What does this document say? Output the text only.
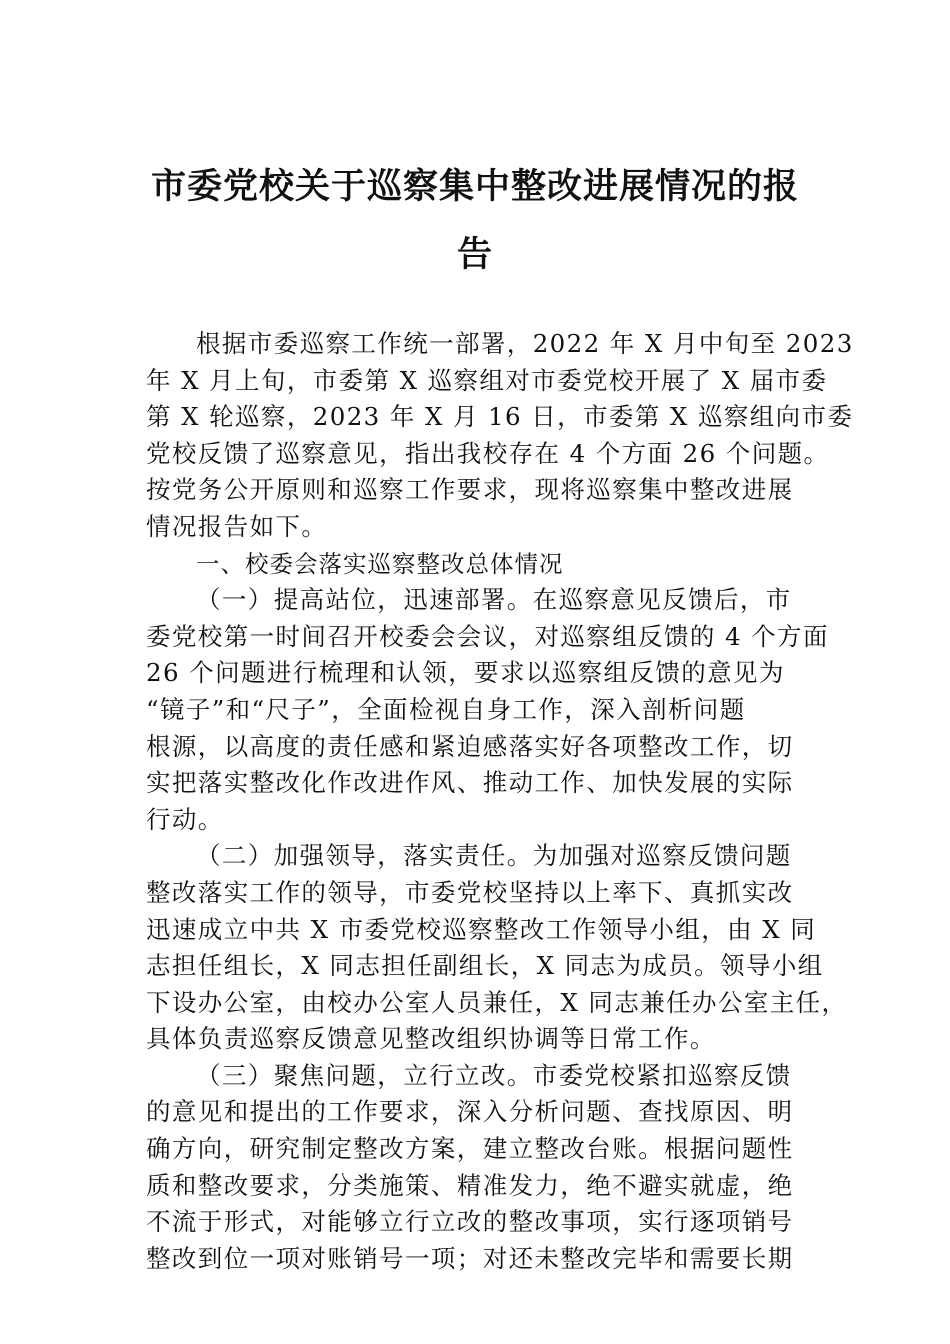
市委党校关于巡察集中整改进展情况的报
告
根据市委巡察工作统一部署，2022 年 X 月中旬至 2023
年 X 月上旬，市委第 X 巡察组对市委党校开展了 X 届市委
第 X 轮巡察，2023 年 X 月 16 日，市委第 X 巡察组向市委
党校反馈了巡察意见，指出我校存在 4 个方面 26 个问题。
按党务公开原则和巡察工作要求，现将巡察集中整改进展
情况报告如下。
一、校委会落实巡察整改总体情况
（一）提高站位，迅速部署。在巡察意见反馈后，市
委党校第一时间召开校委会会议，对巡察组反馈的 4 个方面
26 个问题进行梳理和认领，要求以巡察组反馈的意见为
“镜子”和“尺子”，全面检视自身工作，深入剖析问题
根源，以高度的责任感和紧迫感落实好各项整改工作，切
实把落实整改化作改进作风、推动工作、加快发展的实际
行动。
（二）加强领导，落实责任。为加强对巡察反馈问题
整改落实工作的领导，市委党校坚持以上率下、真抓实改
迅速成立中共 X 市委党校巡察整改工作领导小组，由 X 同
志担任组长，X 同志担任副组长，X 同志为成员。领导小组
下设办公室，由校办公室人员兼任，X 同志兼任办公室主任，
具体负责巡察反馈意见整改组织协调等日常工作。
（三）聚焦问题，立行立改。市委党校紧扣巡察反馈
的意见和提出的工作要求，深入分析问题、查找原因、明
确方向，研究制定整改方案，建立整改台账。根据问题性
质和整改要求，分类施策、精准发力，绝不避实就虚，绝
不流于形式，对能够立行立改的整改事项，实行逐项销号
整改到位一项对账销号一项；对还未整改完毕和需要长期
